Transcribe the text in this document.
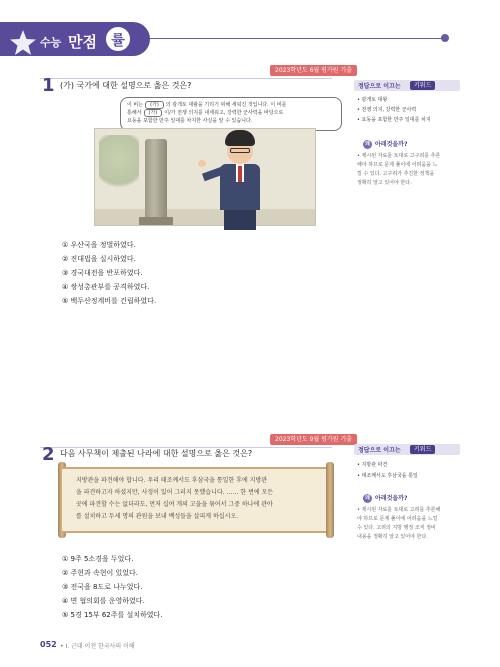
수능 만점	률
2023학년도 6월 평가원 기출
1 (가) 국가에 대한 설명으로 옳은 것은?
이 비는 (가) 의 광개토 대왕을 기리기 위해 세워진 것입니다. 이 비를
통해서 (가) 이/가 전쟁 의지를 내세워고, 강력한 군사력을 바탕으로
요동을 포함한 만주 일대를 차지한 사실을 알 수 있습니다.
① 우산국을 정벌하였다.
② 진대법을 실시하였다.
③ 경국대전을 반포하였다.
④ 쌍성총관부를 공격하였다.
⑤ 백두산정계비를 건립하였다.
정답으로 이끄는	키워드
• 광개토 대왕
• 전쟁 의지, 강력한 군사력
• 요동을 포함한 만주 일대를 차지
왜 아래것을까?
• 제시된 자료를 토대로 고구려를 추론
해야 하므로 문제 풀이에 어려움을 느
낄 수 있다. 고구려가 추진한 정책을
정확히 알고 있어야 한다.
2023학년도 9월 평가원 기출
2 다음 사무책이 제출된 나라에 대한 설명으로 옳은 것은?
지방관을 파견해야 합니다. 우리 태조께서도 후삼국을 통일한 후에 지방관
을 파견하고자 하셨지만, 사정이 있어 그러지 못했습니다. …… 한 번에 모든
곳에 파견할 수는 없더라도, 먼저 십여 개의 고을을 묶어서 그중 하나에 관아
를 설치하고 두세 명의 관원을 보내 백성들을 살피게 하십시오.
① 9주 5소경을 두었다.
② 주현과 속현이 있었다.
③ 전국을 8도로 나누었다.
④ 면 협의회를 운영하였다.
⑤ 5경 15부 62주를 설치하였다.
정답으로 이끄는	키워드
• 지방관 파견
• 태조께서도 후삼국을 통일
왜 아래것을까?
• 제시된 자료를 토대로 고려를 추론해
야 하므로 문제 풀이에 어려움을 느낄
수 있다. 고려의 지방 행정 조직 정비
내용을 정확히 알고 있어야 한다.
052 • I. 근대 이전 한국사의 이해
